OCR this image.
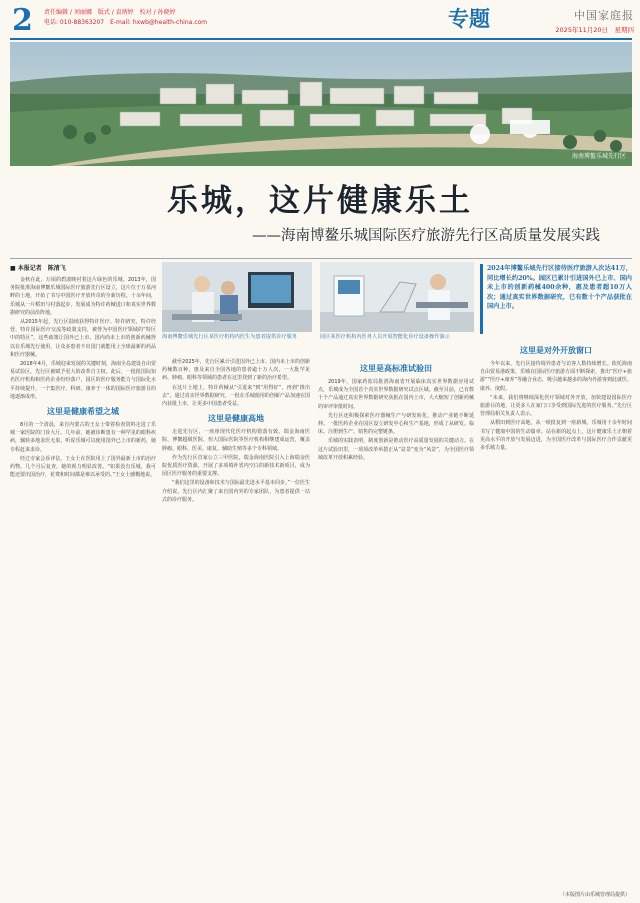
2	责任编辑 / 刘丽娜　版式 / 袁炳婷　校对 / 孙晓婷
电话: 010-88363207　E-mail: hxwb@health-china.com	专题	中国家庭报
2025年11月20日　星期四
海南博鳌乐城先行区
乐城，这片健康乐土
——海南博鳌乐城国际医疗旅游先行区高质量发展实践
■ 本报记者　陈清飞

金秋在此，万顷的碧波映衬着这片绿色的乐城。2013年，国务院批准海南博鳌乐城国际医疗旅游先行区设立，这片位于万泉河畔的土地，开始了书写中国医疗开放传奇的全新历程。十余年间，乐城从一片稻田与村落起步，发展成为特许药械进口和真实世界数据研究的前沿阵地。

从2015年起，先行区陆续获得特许医疗、特许研究、特许经营、特许国际医疗交流等政策支持，被誉为中国医疗领域的“特区中的特区”。这些政策让国外已上市、国内尚未上市的创新药械得以在乐城先行使用，让众多患者不出国门就能用上全球最新的药品和医疗器械。

2018年4月，乐城迎来发展的关键时刻，海南全岛建设自由贸易试验区，先行区被赋予更大的改革自主权。此后，一批批国际知名医疗机构和医药企业纷纷落户，园区的医疗服务能力与国际化水平持续提升，一个集医疗、科研、康养于一体的国际医疗旅游目的地逐渐成形。

这里是健康希望之城

8月的一个清晨，来自内蒙古的王女士带着检查资料走进了乐城一家医院的门诊大厅。几年前，她被诊断患有一种罕见的眼科疾病，辗转多地求医无果。听说乐城可以使用国外已上市的新药，她专程赶来求诊。

经过专家会诊评估，王女士在医院用上了国外最新上市的治疗药物。几个月后复查，她的视力明显改善。“如果没有乐城，我可能还要出国治疗，花费和时间都是难以承受的。”王女士感慨地说。

海南博鳌乐城先行区某医疗机构内医生为患者提供诊疗服务	园区某医疗机构内医务人员开展智能化诊疗设备操作演示

截至2025年，先行区累计引进国外已上市、国内未上市的创新药械数百种，惠及来自全国各地的患者逾十万人次。一大批罕见病、肿瘤、眼科等领域的患者在这里找到了新的治疗希望。

在这片土地上，特许药械从“引进来”到“用得好”，再到“推出去”。通过真实世界数据研究，一批在乐城使用的创新产品加速在国内获批上市，让更多中国患者受益。

这里是健康高地

走进先行区，一座座现代化医疗机构错落有致。瑞金海南医院、博鳌超级医院、恒大国际医院等医疗机构相继建成运营，覆盖肿瘤、眼科、医美、康复、辅助生殖等多个专科领域。

作为先行区首家公立三甲医院，瑞金海南医院引入上海瑞金医院优质医疗资源，开展了多项填补省内空白的新技术新项目，成为园区医疗服务的重要支撑。

“我们这里的设备和技术与国际最先进水平基本同步。”一位医生介绍说，先行区内汇聚了来自国内外的专家团队，为患者提供一站式的诊疗服务。

这里是高标准试验田

2019年，国家药监局批准海南省开展临床真实世界数据应用试点，乐城成为全国首个真实世界数据研究试点区域。截至目前，已有数十个产品通过真实世界数据研究获批在国内上市，大大缩短了创新药械的审评审批时间。

先行区还积极探索医疗器械生产与研发转化，推动产业链不断延伸。一批医药企业在园区设立研发中心和生产基地，形成了从研发、临床、注册到生产、销售的完整链条。

乐城的实践表明，制度创新是推动医疗高质量发展的关键动力。在这片试验田里，一项项改革举措正从“盆景”变为“风景”，为全国医疗领域改革开放积累经验。

2024年博鳌乐城先行区接待医疗旅游人次达41万，同比增长约20%。园区已累计引进国外已上市、国内未上市的创新药械400余种，惠及患者超10万人次；通过真实世界数据研究，已有数十个产品获批在国内上市。
这里是对外开放窗口

今年以来，先行区接待境外患者与访客人数持续增长。依托海南自由贸易港政策，乐城在国际医疗旅游方面不断探索，推出“医疗+旅游”“医疗+康养”等融合业态，吸引越来越多的海内外游客到此就医、康养、度假。

“未来，我们将继续深化医疗领域对外开放，加快建设国际医疗旅游目的地，让更多人在家门口享受到国际先进的医疗服务。”先行区管理局相关负责人表示。

从稻田到医疗高地，从一纸批复到一座新城，乐城用十余年时间书写了健康中国的生动篇章。站在新的起点上，这片健康乐土正朝着更高水平的开放与发展迈进，为全国医疗改革与国际医疗合作贡献更多乐城力量。

（本版图片由乐城管理局提供）
